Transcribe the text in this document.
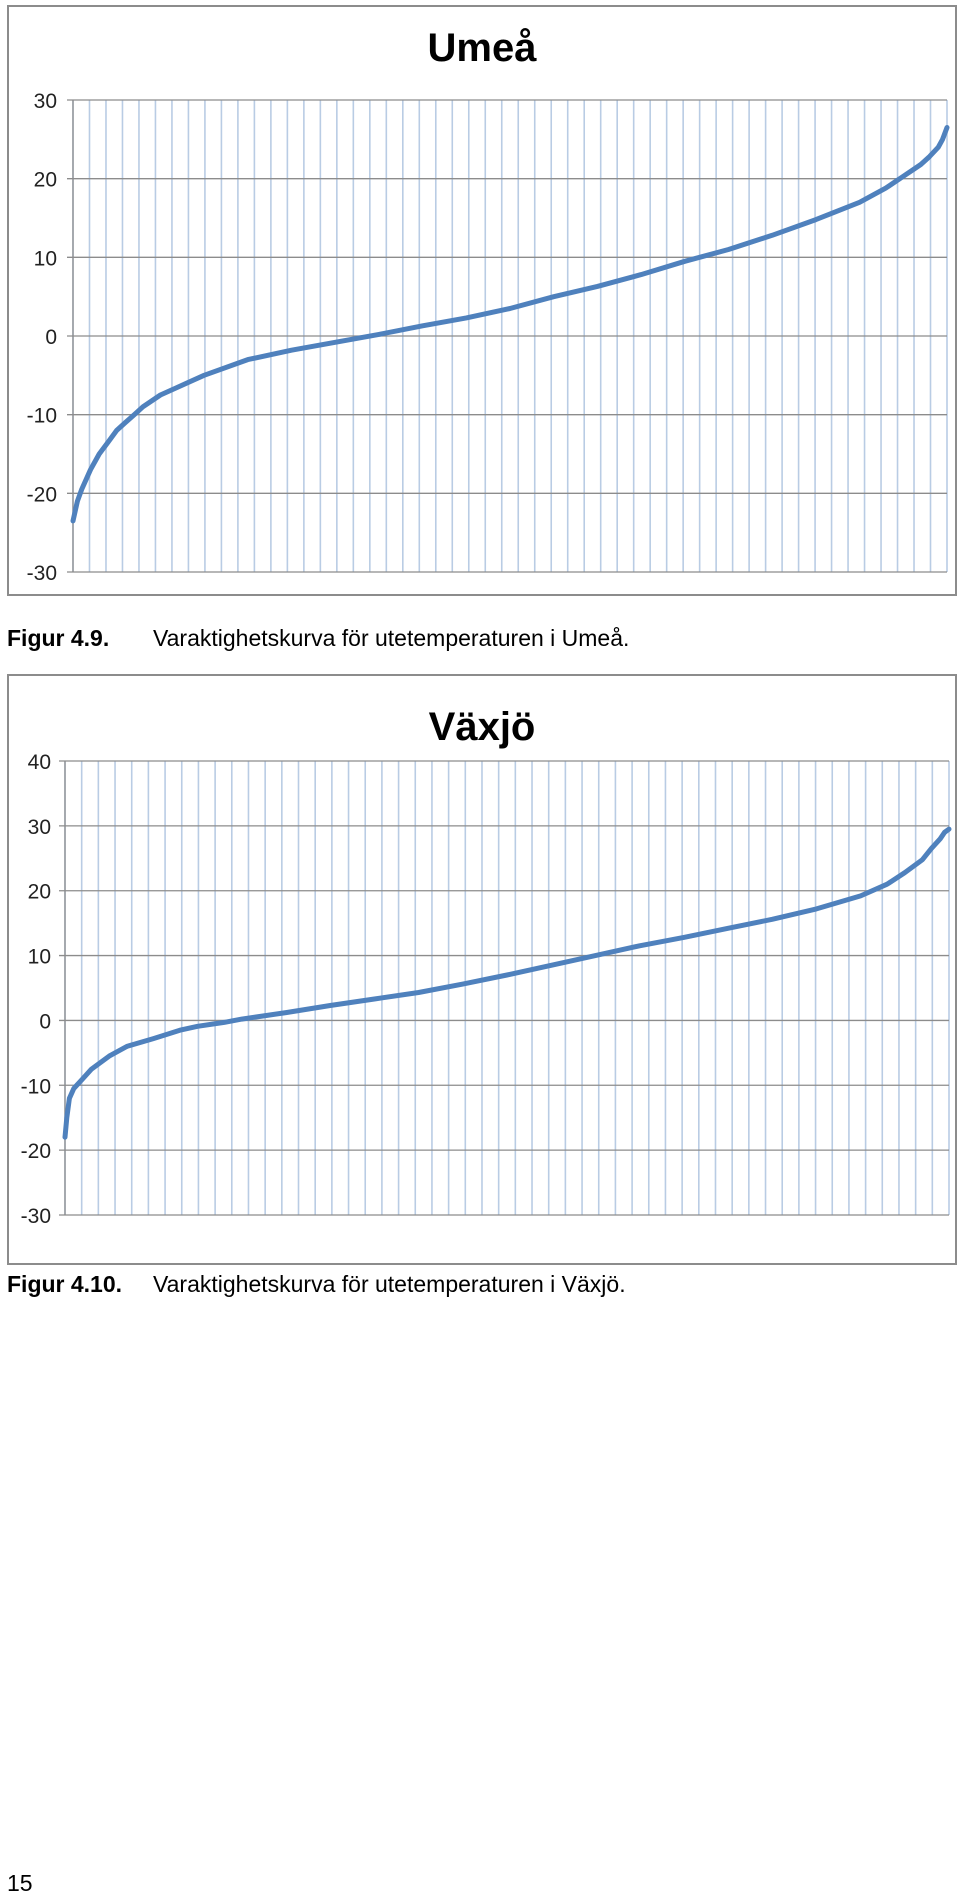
30
20
10
0
-10
-20
-30
Umeå
Figur 4.9. Varaktighetskurva för utetemperaturen i Umeå.
40
30
20
10
0
-10
-20
-30
Växjö
Figur 4.10. Varaktighetskurva för utetemperaturen i Växjö.
15
